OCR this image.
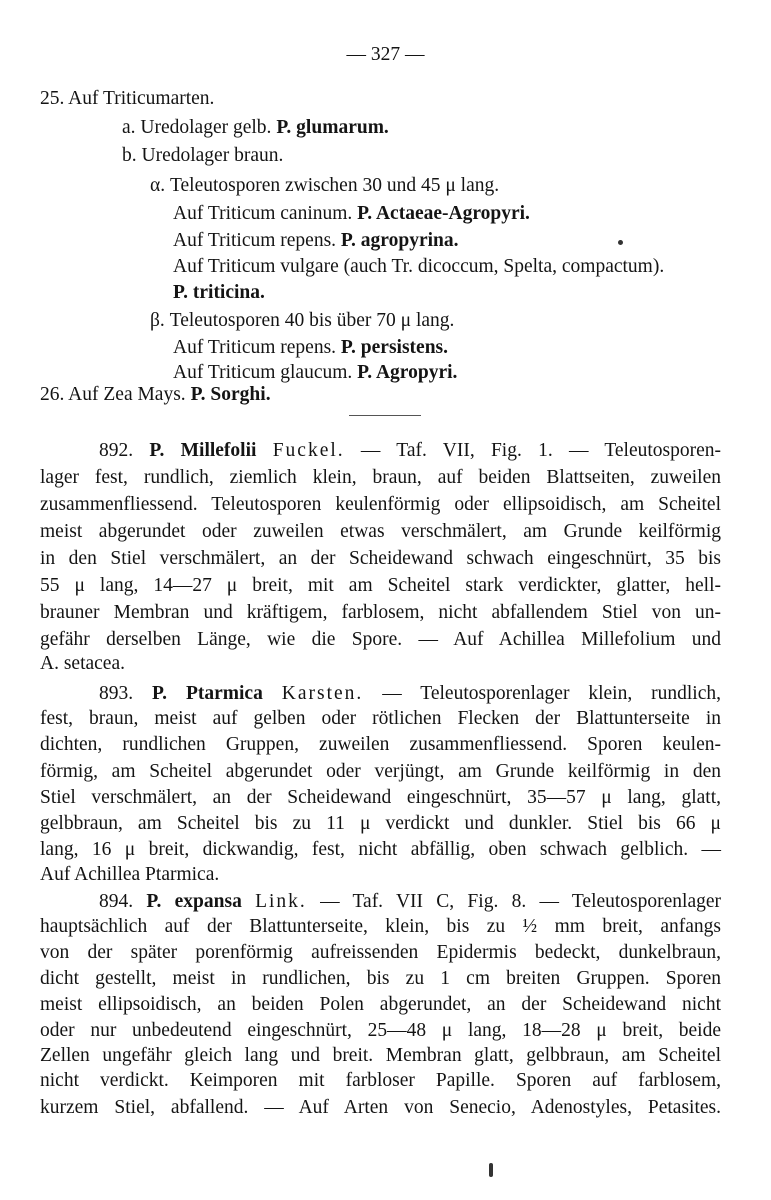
— 327 —
25. Auf Triticumarten.
a. Uredolager gelb. P. glumarum.
b. Uredolager braun.
α. Teleutosporen zwischen 30 und 45 μ lang.
Auf Triticum caninum. P. Actaeae-Agropyri.
Auf Triticum repens. P. agropyrina.
Auf Triticum vulgare (auch Tr. dicoccum, Spelta, compactum).
P. triticina.
β. Teleutosporen 40 bis über 70 μ lang.
Auf Triticum repens. P. persistens.
Auf Triticum glaucum. P. Agropyri.
26. Auf Zea Mays. P. Sorghi.
892. P. Millefolii Fuckel. — Taf. VII, Fig. 1. — Teleutosporen-
lager fest, rundlich, ziemlich klein, braun, auf beiden Blattseiten, zuweilen
zusammenfliessend. Teleutosporen keulenförmig oder ellipsoidisch, am Scheitel
meist abgerundet oder zuweilen etwas verschmälert, am Grunde keilförmig
in den Stiel verschmälert, an der Scheidewand schwach eingeschnürt, 35 bis
55 μ lang, 14—27 μ breit, mit am Scheitel stark verdickter, glatter, hell-
brauner Membran und kräftigem, farblosem, nicht abfallendem Stiel von un-
gefähr derselben Länge, wie die Spore. — Auf Achillea Millefolium und
A. setacea.
893. P. Ptarmica Karsten. — Teleutosporenlager klein, rundlich,
fest, braun, meist auf gelben oder rötlichen Flecken der Blattunterseite in
dichten, rundlichen Gruppen, zuweilen zusammenfliessend. Sporen keulen-
förmig, am Scheitel abgerundet oder verjüngt, am Grunde keilförmig in den
Stiel verschmälert, an der Scheidewand eingeschnürt, 35—57 μ lang, glatt,
gelbbraun, am Scheitel bis zu 11 μ verdickt und dunkler. Stiel bis 66 μ
lang, 16 μ breit, dickwandig, fest, nicht abfällig, oben schwach gelblich. —
Auf Achillea Ptarmica.
894. P. expansa Link. — Taf. VII C, Fig. 8. — Teleutosporenlager
hauptsächlich auf der Blattunterseite, klein, bis zu ½ mm breit, anfangs
von der später porenförmig aufreissenden Epidermis bedeckt, dunkelbraun,
dicht gestellt, meist in rundlichen, bis zu 1 cm breiten Gruppen. Sporen
meist ellipsoidisch, an beiden Polen abgerundet, an der Scheidewand nicht
oder nur unbedeutend eingeschnürt, 25—48 μ lang, 18—28 μ breit, beide
Zellen ungefähr gleich lang und breit. Membran glatt, gelbbraun, am Scheitel
nicht verdickt. Keimporen mit farbloser Papille. Sporen auf farblosem,
kurzem Stiel, abfallend. — Auf Arten von Senecio, Adenostyles, Petasites.
